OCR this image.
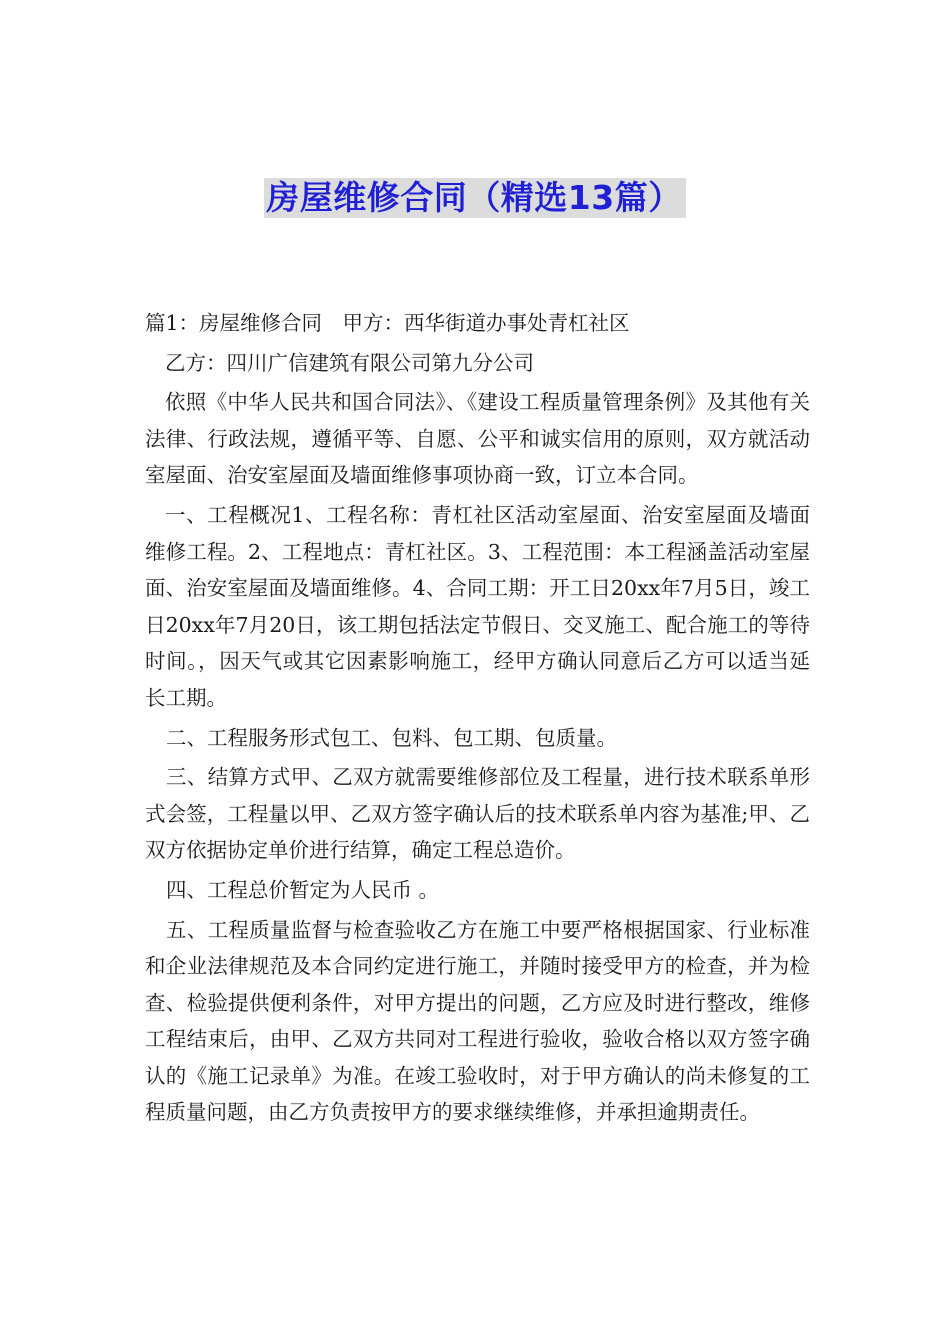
房屋维修合同（精选13篇）

篇1：房屋维修合同　甲方：西华街道办事处青杠社区

乙方：四川广信建筑有限公司第九分公司

依照《中华人民共和国合同法》、《建设工程质量管理条例》及其他有关法律、行政法规，遵循平等、自愿、公平和诚实信用的原则，双方就活动室屋面、治安室屋面及墙面维修事项协商一致，订立本合同。

一、工程概况1、工程名称：青杠社区活动室屋面、治安室屋面及墙面维修工程。2、工程地点：青杠社区。3、工程范围：本工程涵盖活动室屋面、治安室屋面及墙面维修。4、合同工期：开工日20xx年7月5日，竣工日20xx年7月20日，该工期包括法定节假日、交叉施工、配合施工的等待时间。，因天气或其它因素影响施工，经甲方确认同意后乙方可以适当延长工期。

二、工程服务形式包工、包料、包工期、包质量。

三、结算方式甲、乙双方就需要维修部位及工程量，进行技术联系单形式会签，工程量以甲、乙双方签字确认后的技术联系单内容为基准;甲、乙双方依据协定单价进行结算，确定工程总造价。

四、工程总价暂定为人民币 。

五、工程质量监督与检查验收乙方在施工中要严格根据国家、行业标准和企业法律规范及本合同约定进行施工，并随时接受甲方的检查，并为检查、检验提供便利条件，对甲方提出的问题，乙方应及时进行整改，维修工程结束后，由甲、乙双方共同对工程进行验收，验收合格以双方签字确认的《施工记录单》为准。在竣工验收时，对于甲方确认的尚未修复的工程质量问题，由乙方负责按甲方的要求继续维修，并承担逾期责任。
